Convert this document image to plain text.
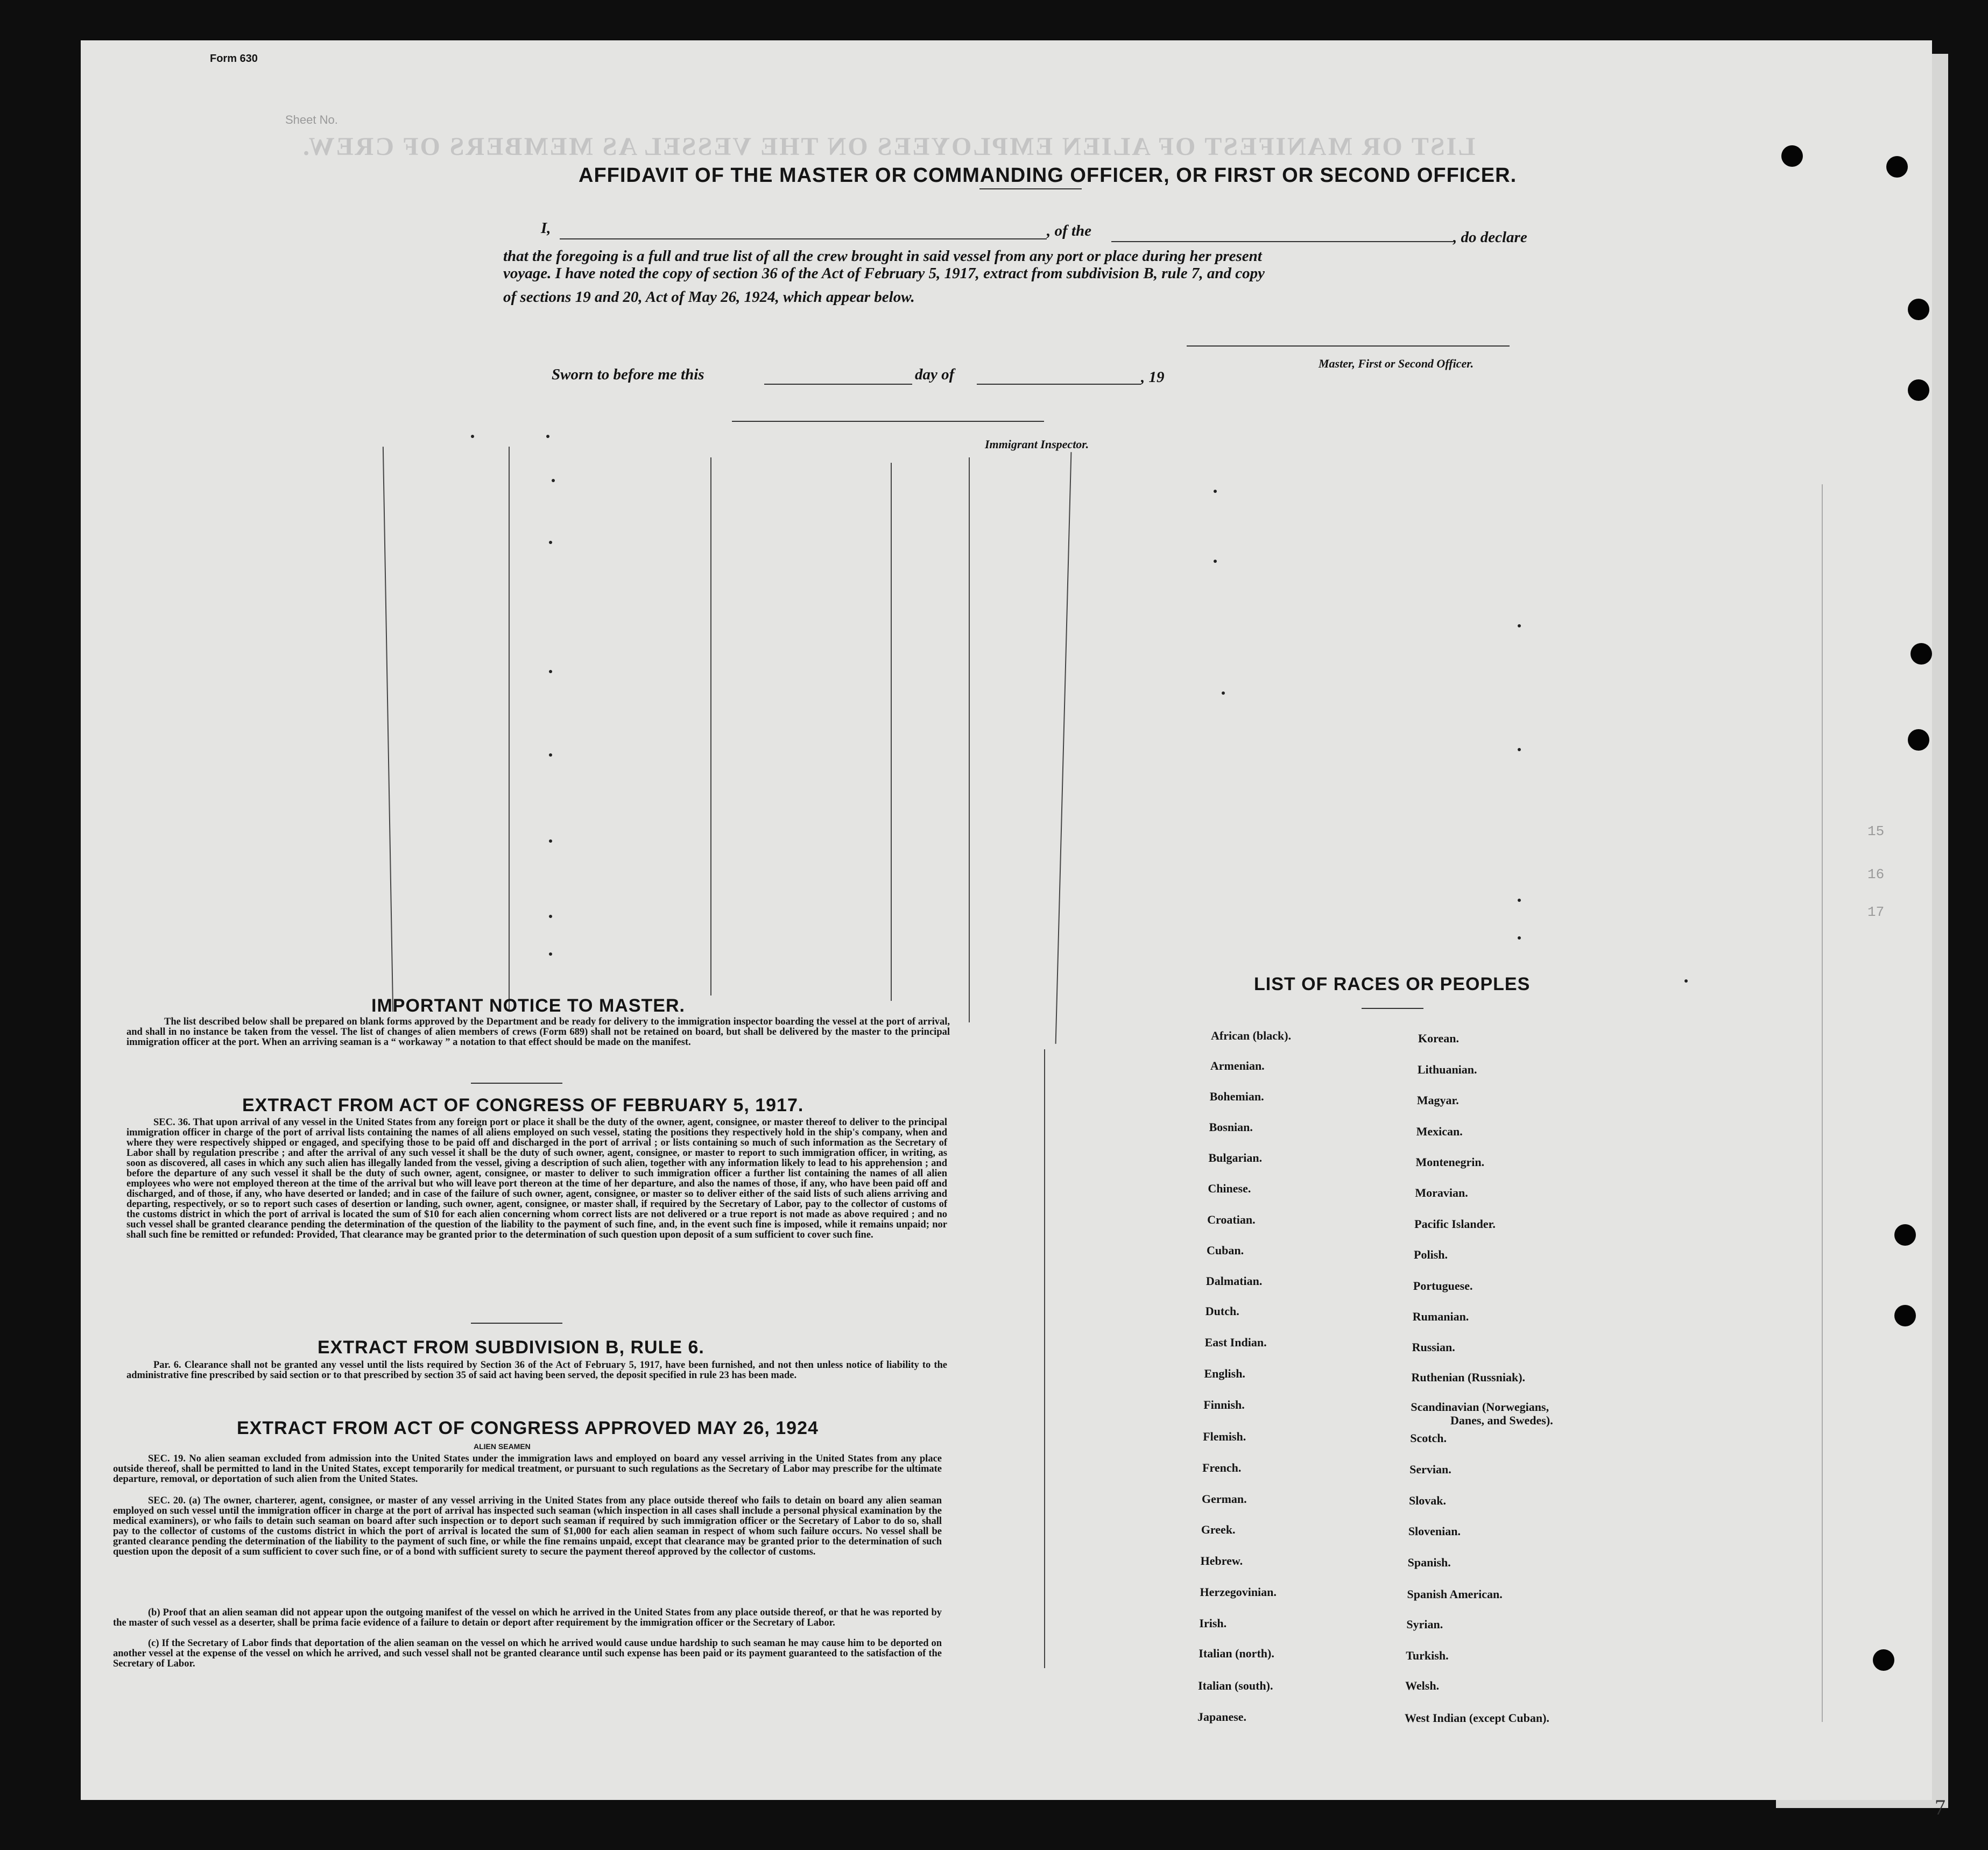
Form 630
Sheet No.
LIST OR MANIFEST OF ALIEN EMPLOYEES ON THE VESSEL AS MEMBERS OF CREW.
AFFIDAVIT OF THE MASTER OR COMMANDING OFFICER, OR FIRST OR SECOND OFFICER.
I,	, of the	, do declare
that the foregoing is a full and true list of all the crew brought in said vessel from any port or place during her present
voyage. I have noted the copy of section 36 of the Act of February 5, 1917, extract from subdivision B, rule 7, and copy
of sections 19 and 20, Act of May 26, 1924, which appear below.
Master, First or Second Officer.
Sworn to before me this	day of	, 19
Immigrant Inspector.
15
16
17
IMPORTANT NOTICE TO MASTER.
The list described below shall be prepared on blank forms approved by the Department and be ready for delivery to the immigration inspector boarding the vessel at the port of arrival, and shall in no instance be taken from the vessel. The list of changes of alien members of crews (Form 689) shall not be retained on board, but shall be delivered by the master to the principal immigration officer at the port. When an arriving seaman is a “ workaway ” a notation to that effect should be made on the manifest.
EXTRACT FROM ACT OF CONGRESS OF FEBRUARY 5, 1917.
SEC. 36. That upon arrival of any vessel in the United States from any foreign port or place it shall be the duty of the owner, agent, consignee, or master thereof to deliver to the principal immigration officer in charge of the port of arrival lists containing the names of all aliens employed on such vessel, stating the positions they respectively hold in the ship's company, when and where they were respectively shipped or engaged, and specifying those to be paid off and discharged in the port of arrival ; or lists containing so much of such information as the Secretary of Labor shall by regulation prescribe ; and after the arrival of any such vessel it shall be the duty of such owner, agent, consignee, or master to report to such immigration officer, in writing, as soon as discovered, all cases in which any such alien has illegally landed from the vessel, giving a description of such alien, together with any information likely to lead to his apprehension ; and before the departure of any such vessel it shall be the duty of such owner, agent, consignee, or master to deliver to such immigration officer a further list containing the names of all alien employees who were not employed thereon at the time of the arrival but who will leave port thereon at the time of her departure, and also the names of those, if any, who have been paid off and discharged, and of those, if any, who have deserted or landed; and in case of the failure of such owner, agent, consignee, or master so to deliver either of the said lists of such aliens arriving and departing, respectively, or so to report such cases of desertion or landing, such owner, agent, consignee, or master shall, if required by the Secretary of Labor, pay to the collector of customs of the customs district in which the port of arrival is located the sum of $10 for each alien concerning whom correct lists are not delivered or a true report is not made as above required ; and no such vessel shall be granted clearance pending the determination of the question of the liability to the payment of such fine, and, in the event such fine is imposed, while it remains unpaid; nor shall such fine be remitted or refunded: Provided, That clearance may be granted prior to the determination of such question upon deposit of a sum sufficient to cover such fine.
EXTRACT FROM SUBDIVISION B, RULE 6.
Par. 6. Clearance shall not be granted any vessel until the lists required by Section 36 of the Act of February 5, 1917, have been furnished, and not then unless notice of liability to the administrative fine prescribed by said section or to that prescribed by section 35 of said act having been served, the deposit specified in rule 23 has been made.
EXTRACT FROM ACT OF CONGRESS APPROVED MAY 26, 1924
ALIEN SEAMEN
SEC. 19. No alien seaman excluded from admission into the United States under the immigration laws and employed on board any vessel arriving in the United States from any place outside thereof, shall be permitted to land in the United States, except temporarily for medical treatment, or pursuant to such regulations as the Secretary of Labor may prescribe for the ultimate departure, removal, or deportation of such alien from the United States.
SEC. 20. (a) The owner, charterer, agent, consignee, or master of any vessel arriving in the United States from any place outside thereof who fails to detain on board any alien seaman employed on such vessel until the immigration officer in charge at the port of arrival has inspected such seaman (which inspection in all cases shall include a personal physical examination by the medical examiners), or who fails to detain such seaman on board after such inspection or to deport such seaman if required by such immigration officer or the Secretary of Labor to do so, shall pay to the collector of customs of the customs district in which the port of arrival is located the sum of $1,000 for each alien seaman in respect of whom such failure occurs. No vessel shall be granted clearance pending the determination of the liability to the payment of such fine, or while the fine remains unpaid, except that clearance may be granted prior to the determination of such question upon the deposit of a sum sufficient to cover such fine, or of a bond with sufficient surety to secure the payment thereof approved by the collector of customs.
(b) Proof that an alien seaman did not appear upon the outgoing manifest of the vessel on which he arrived in the United States from any place outside thereof, or that he was reported by the master of such vessel as a deserter, shall be prima facie evidence of a failure to detain or deport after requirement by the immigration officer or the Secretary of Labor.
(c) If the Secretary of Labor finds that deportation of the alien seaman on the vessel on which he arrived would cause undue hardship to such seaman he may cause him to be deported on another vessel at the expense of the vessel on which he arrived, and such vessel shall not be granted clearance until such expense has been paid or its payment guaranteed to the satisfaction of the Secretary of Labor.
LIST OF RACES OR PEOPLES
African (black).
Armenian.
Bohemian.
Bosnian.
Bulgarian.
Chinese.
Croatian.
Cuban.
Dalmatian.
Dutch.
East Indian.
English.
Finnish.
Flemish.
French.
German.
Greek.
Hebrew.
Herzegovinian.
Irish.
Italian (north).
Italian (south).
Japanese.
Korean.
Lithuanian.
Magyar.
Mexican.
Montenegrin.
Moravian.
Pacific Islander.
Polish.
Portuguese.
Rumanian.
Russian.
Ruthenian (Russniak).
Scandinavian (Norwegians,
Scotch.
Servian.
Slovak.
Slovenian.
Spanish.
Spanish American.
Syrian.
Turkish.
Welsh.
West Indian (except Cuban).
Danes, and Swedes).
7
